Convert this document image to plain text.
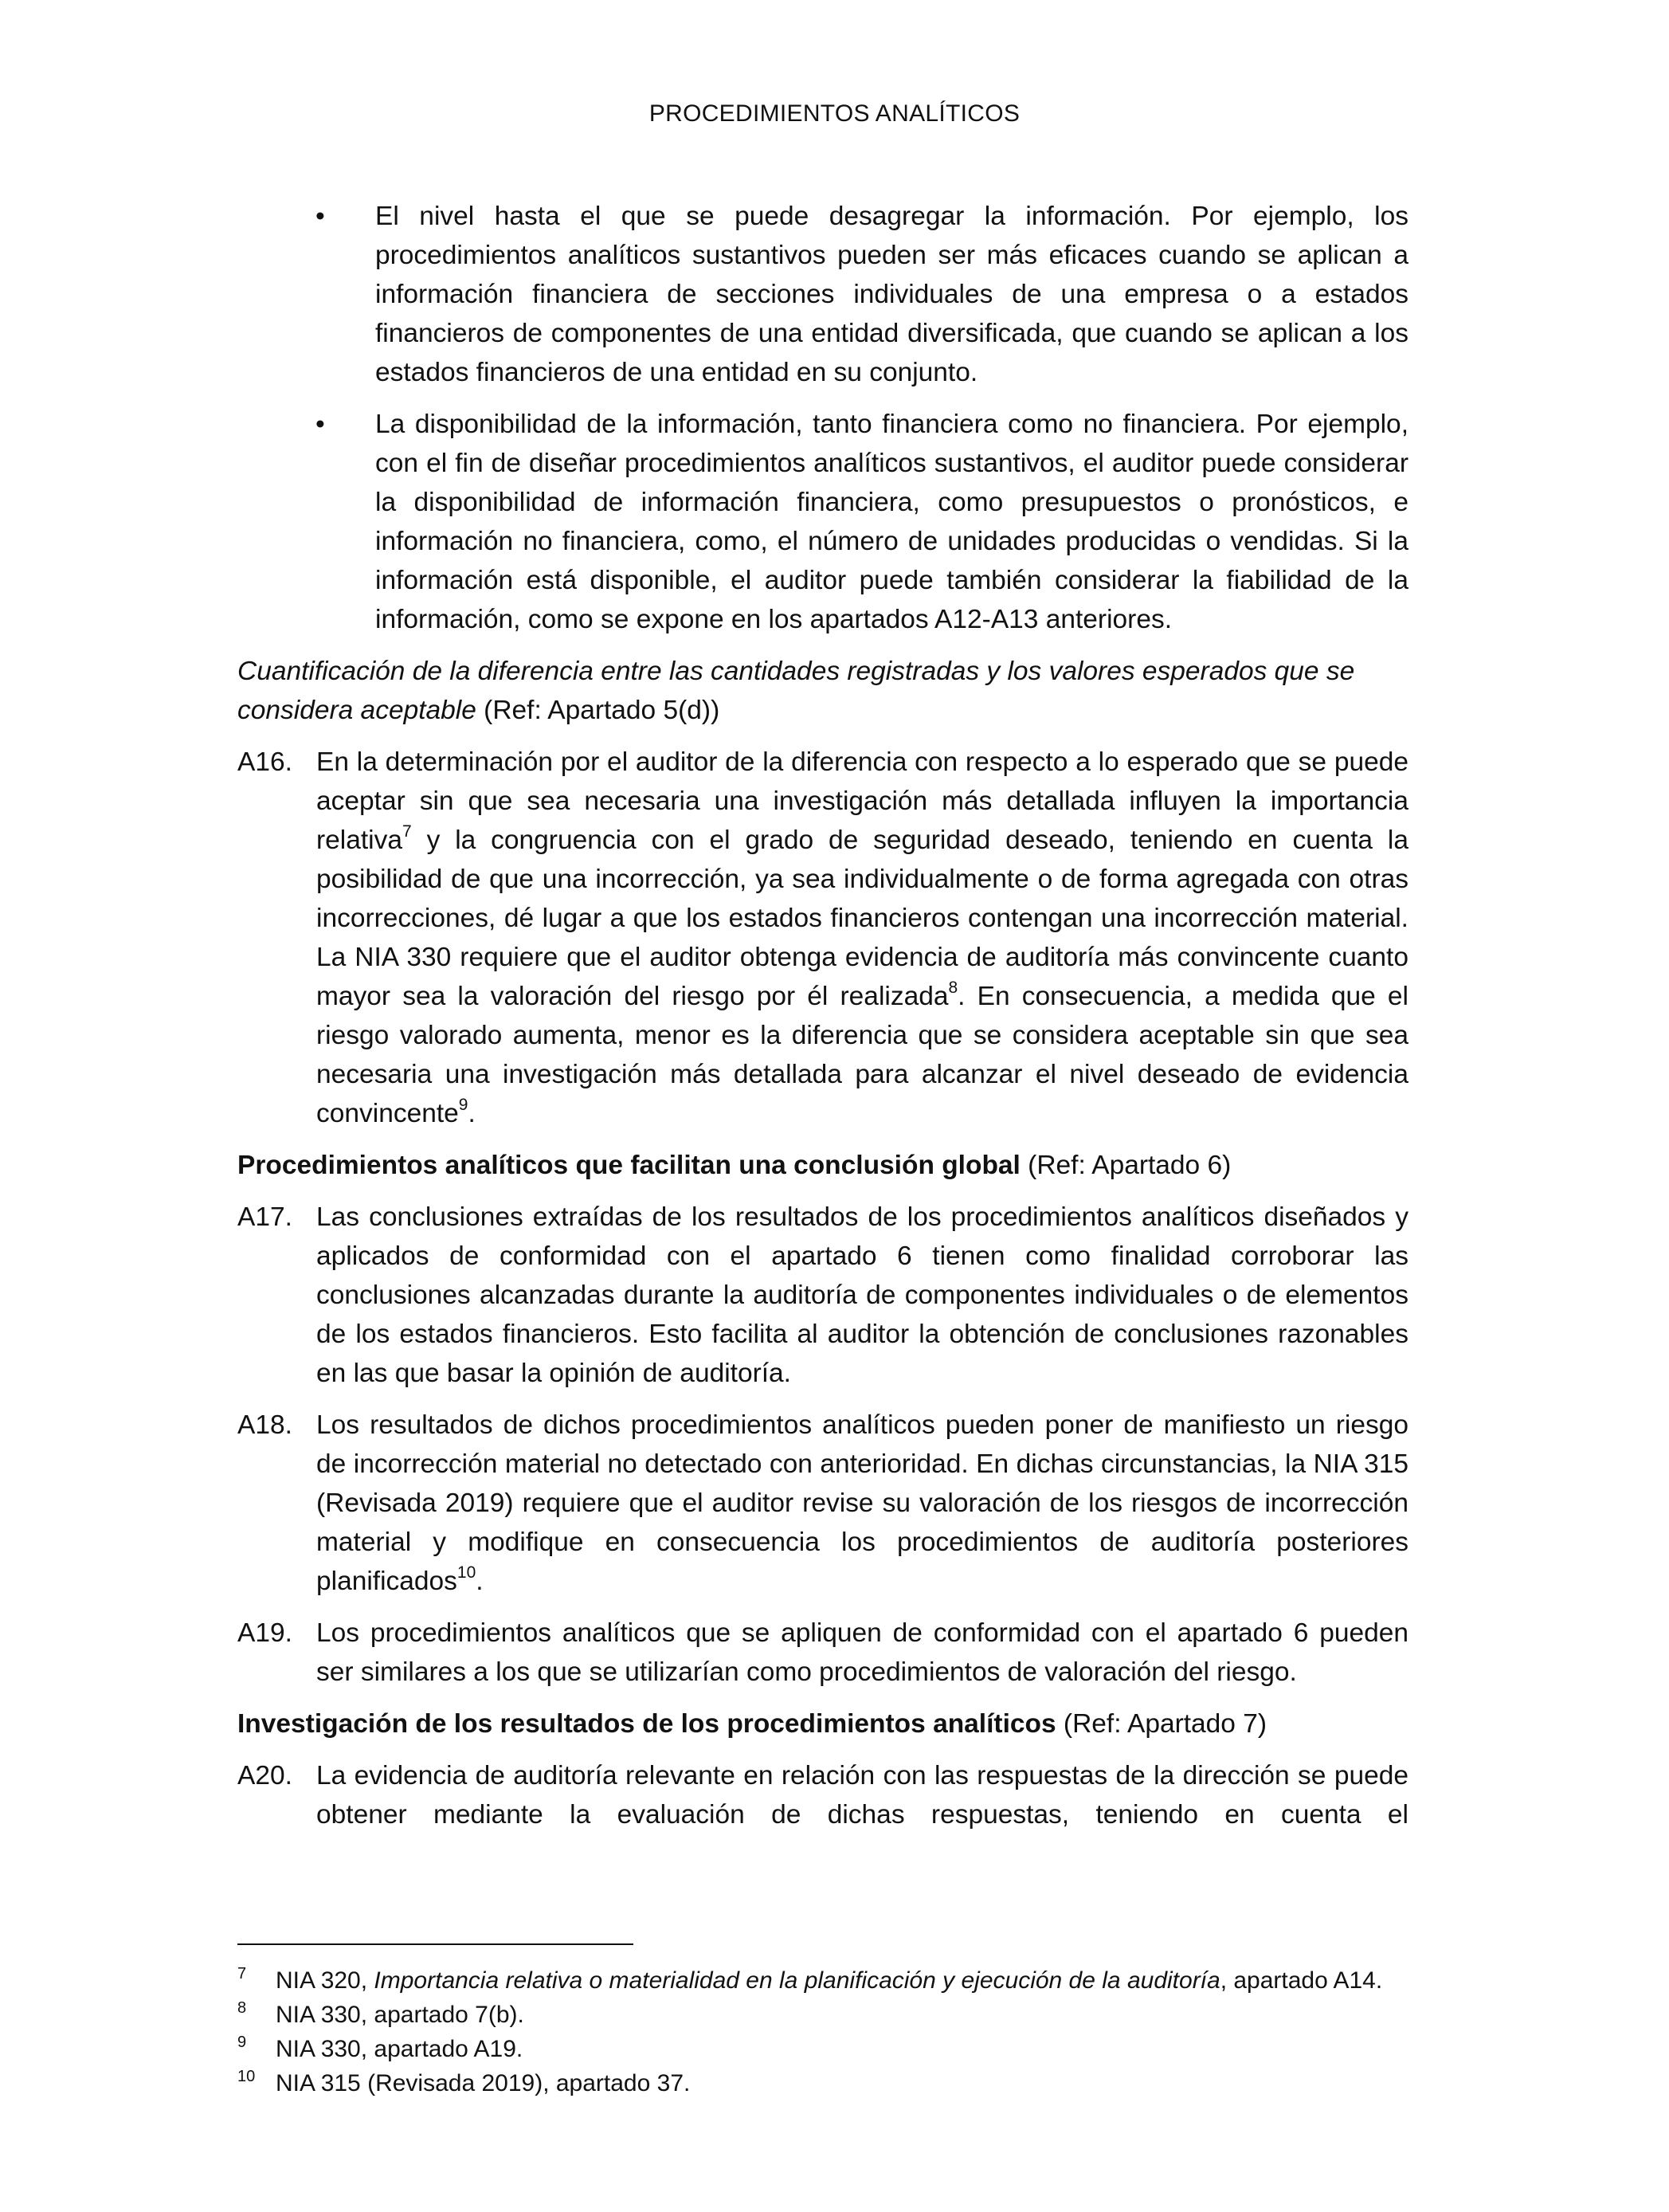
PROCEDIMIENTOS ANALÍTICOS
• El nivel hasta el que se puede desagregar la información. Por ejemplo, los procedimientos analíticos sustantivos pueden ser más eficaces cuando se aplican a información financiera de secciones individuales de una empresa o a estados financieros de componentes de una entidad diversificada, que cuando se aplican a los estados financieros de una entidad en su conjunto.
• La disponibilidad de la información, tanto financiera como no financiera. Por ejemplo, con el fin de diseñar procedimientos analíticos sustantivos, el auditor puede considerar la disponibilidad de información financiera, como presupuestos o pronósticos, e información no financiera, como, el número de unidades producidas o vendidas. Si la información está disponible, el auditor puede también considerar la fiabilidad de la información, como se expone en los apartados A12-A13 anteriores.
Cuantificación de la diferencia entre las cantidades registradas y los valores esperados que se considera aceptable (Ref: Apartado 5(d))
A16. En la determinación por el auditor de la diferencia con respecto a lo esperado que se puede aceptar sin que sea necesaria una investigación más detallada influyen la importancia relativa$^7$ y la congruencia con el grado de seguridad deseado, teniendo en cuenta la posibilidad de que una incorrección, ya sea individualmente o de forma agregada con otras incorrecciones, dé lugar a que los estados financieros contengan una incorrección material. La NIA 330 requiere que el auditor obtenga evidencia de auditoría más convincente cuanto mayor sea la valoración del riesgo por él realizada$^8$. En consecuencia, a medida que el riesgo valorado aumenta, menor es la diferencia que se considera aceptable sin que sea necesaria una investigación más detallada para alcanzar el nivel deseado de evidencia convincente$^9$.
Procedimientos analíticos que facilitan una conclusión global (Ref: Apartado 6)
A17. Las conclusiones extraídas de los resultados de los procedimientos analíticos diseñados y aplicados de conformidad con el apartado 6 tienen como finalidad corroborar las conclusiones alcanzadas durante la auditoría de componentes individuales o de elementos de los estados financieros. Esto facilita al auditor la obtención de conclusiones razonables en las que basar la opinión de auditoría.
A18. Los resultados de dichos procedimientos analíticos pueden poner de manifiesto un riesgo de incorrección material no detectado con anterioridad. En dichas circunstancias, la NIA 315 (Revisada 2019) requiere que el auditor revise su valoración de los riesgos de incorrección material y modifique en consecuencia los procedimientos de auditoría posteriores planificados$^{10}$.
A19. Los procedimientos analíticos que se apliquen de conformidad con el apartado 6 pueden ser similares a los que se utilizarían como procedimientos de valoración del riesgo.
Investigación de los resultados de los procedimientos analíticos (Ref: Apartado 7)
A20. La evidencia de auditoría relevante en relación con las respuestas de la dirección se puede obtener mediante la evaluación de dichas respuestas, teniendo en cuenta el
7 NIA 320, Importancia relativa o materialidad en la planificación y ejecución de la auditoría, apartado A14.
8 NIA 330, apartado 7(b).
9 NIA 330, apartado A19.
10 NIA 315 (Revisada 2019), apartado 37.
